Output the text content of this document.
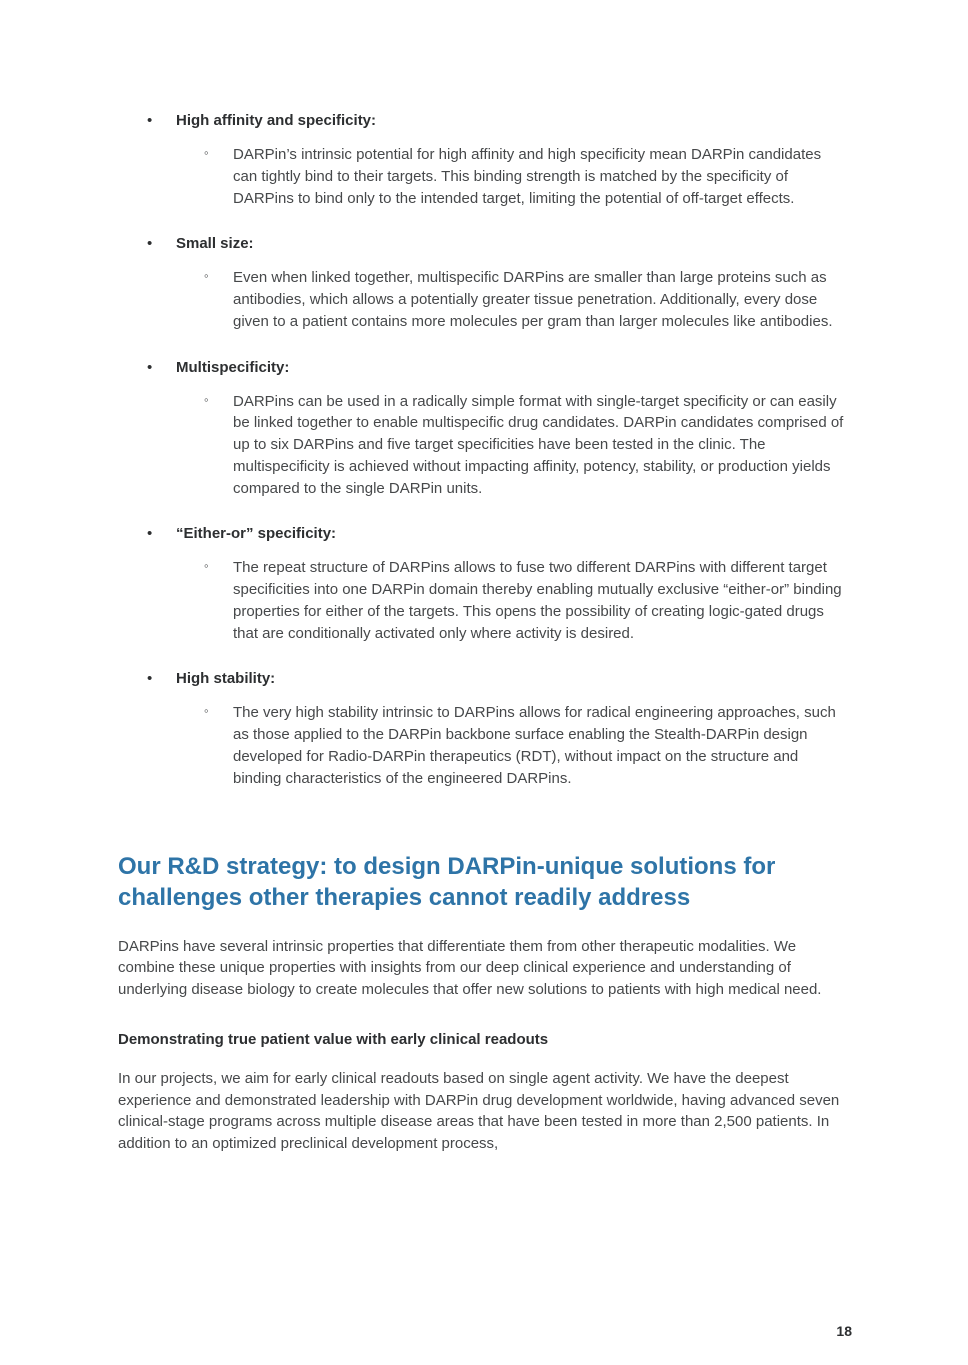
•	High affinity and specificity:
◦	DARPin’s intrinsic potential for high affinity and high specificity mean DARPin candidates can tightly bind to their targets. This binding strength is matched by the specificity of DARPins to bind only to the intended target, limiting the potential of off-target effects.
•	Small size:
◦	Even when linked together, multispecific DARPins are smaller than large proteins such as antibodies, which allows a potentially greater tissue penetration. Additionally, every dose given to a patient contains more molecules per gram than larger molecules like antibodies.
•	Multispecificity:
◦	DARPins can be used in a radically simple format with single-target specificity or can easily be linked together to enable multispecific drug candidates. DARPin candidates comprised of up to six DARPins and five target specificities have been tested in the clinic. The multispecificity is achieved without impacting affinity, potency, stability, or production yields compared to the single DARPin units.
•	“Either-or” specificity:
◦	The repeat structure of DARPins allows to fuse two different DARPins with different target specificities into one DARPin domain thereby enabling mutually exclusive “either-or” binding properties for either of the targets. This opens the possibility of creating logic-gated drugs that are conditionally activated only where activity is desired.
•	High stability:
◦	The very high stability intrinsic to DARPins allows for radical engineering approaches, such as those applied to the DARPin backbone surface enabling the Stealth-DARPin design developed for Radio-DARPin therapeutics (RDT), without impact on the structure and binding characteristics of the engineered DARPins.
Our R&D strategy: to design DARPin-unique solutions for challenges other therapies cannot readily address

DARPins have several intrinsic properties that differentiate them from other therapeutic modalities. We combine these unique properties with insights from our deep clinical experience and understanding of underlying disease biology to create molecules that offer new solutions to patients with high medical need.

Demonstrating true patient value with early clinical readouts

In our projects, we aim for early clinical readouts based on single agent activity. We have the deepest experience and demonstrated leadership with DARPin drug development worldwide, having advanced seven clinical-stage programs across multiple disease areas that have been tested in more than 2,500 patients. In addition to an optimized preclinical development process,

18
